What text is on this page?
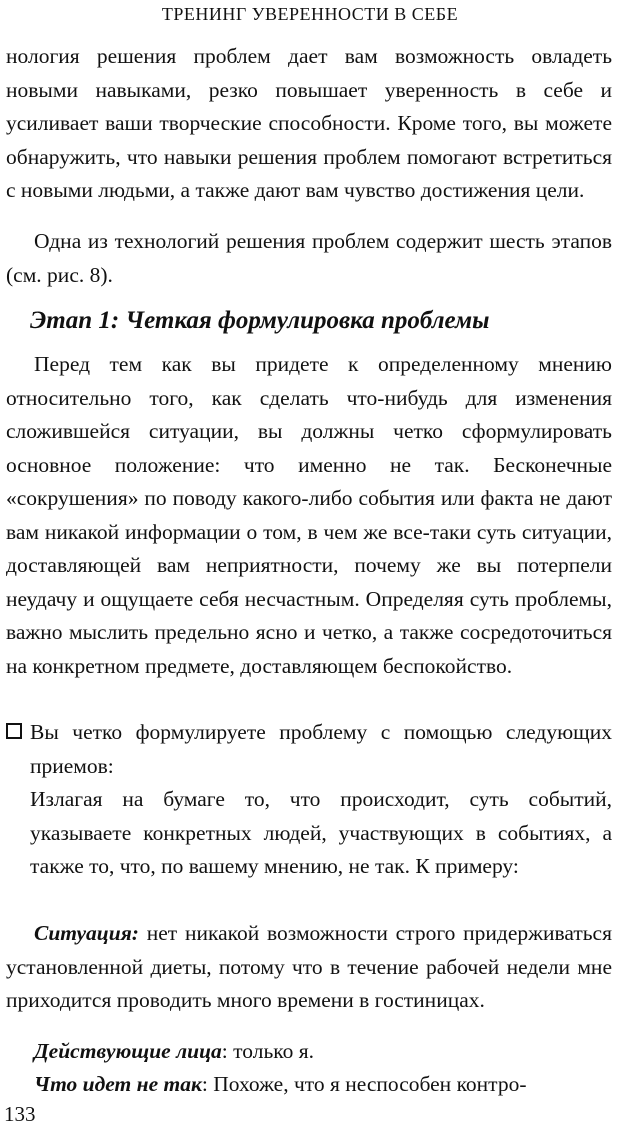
ТРЕНИНГ УВЕРЕННОСТИ В СЕБЕ

нология решения проблем дает вам возможность овладеть новыми навыками, резко повышает уверенность в себе и усиливает ваши творческие способности. Кроме того, вы можете обнаружить, что навыки решения проблем помогают встретиться с новыми людьми, а также дают вам чувство достижения цели.

Одна из технологий решения проблем содержит шесть этапов (см. рис. 8).

Этап 1: Четкая формулировка проблемы

Перед тем как вы придете к определенному мнению относительно того, как сделать что-нибудь для изменения сложившейся ситуации, вы должны четко сформулировать основное положение: что именно не так. Бесконечные «сокрушения» по поводу какого-либо события или факта не дают вам никакой информации о том, в чем же все-таки суть ситуации, доставляющей вам неприятности, почему же вы потерпели неудачу и ощущаете себя несчастным. Определяя суть проблемы, важно мыслить предельно ясно и четко, а также сосредоточиться на конкретном предмете, доставляющем беспокойство.

Вы четко формулируете проблему с помощью следующих приемов:

Излагая на бумаге то, что происходит, суть событий, указываете конкретных людей, участвующих в событиях, а также то, что, по вашему мнению, не так. К примеру:

Ситуация: нет никакой возможности строго придерживаться установленной диеты, потому что в течение рабочей недели мне приходится проводить много времени в гостиницах.

Действующие лица: только я.

Что идет не так: Похоже, что я неспособен контро-

133
